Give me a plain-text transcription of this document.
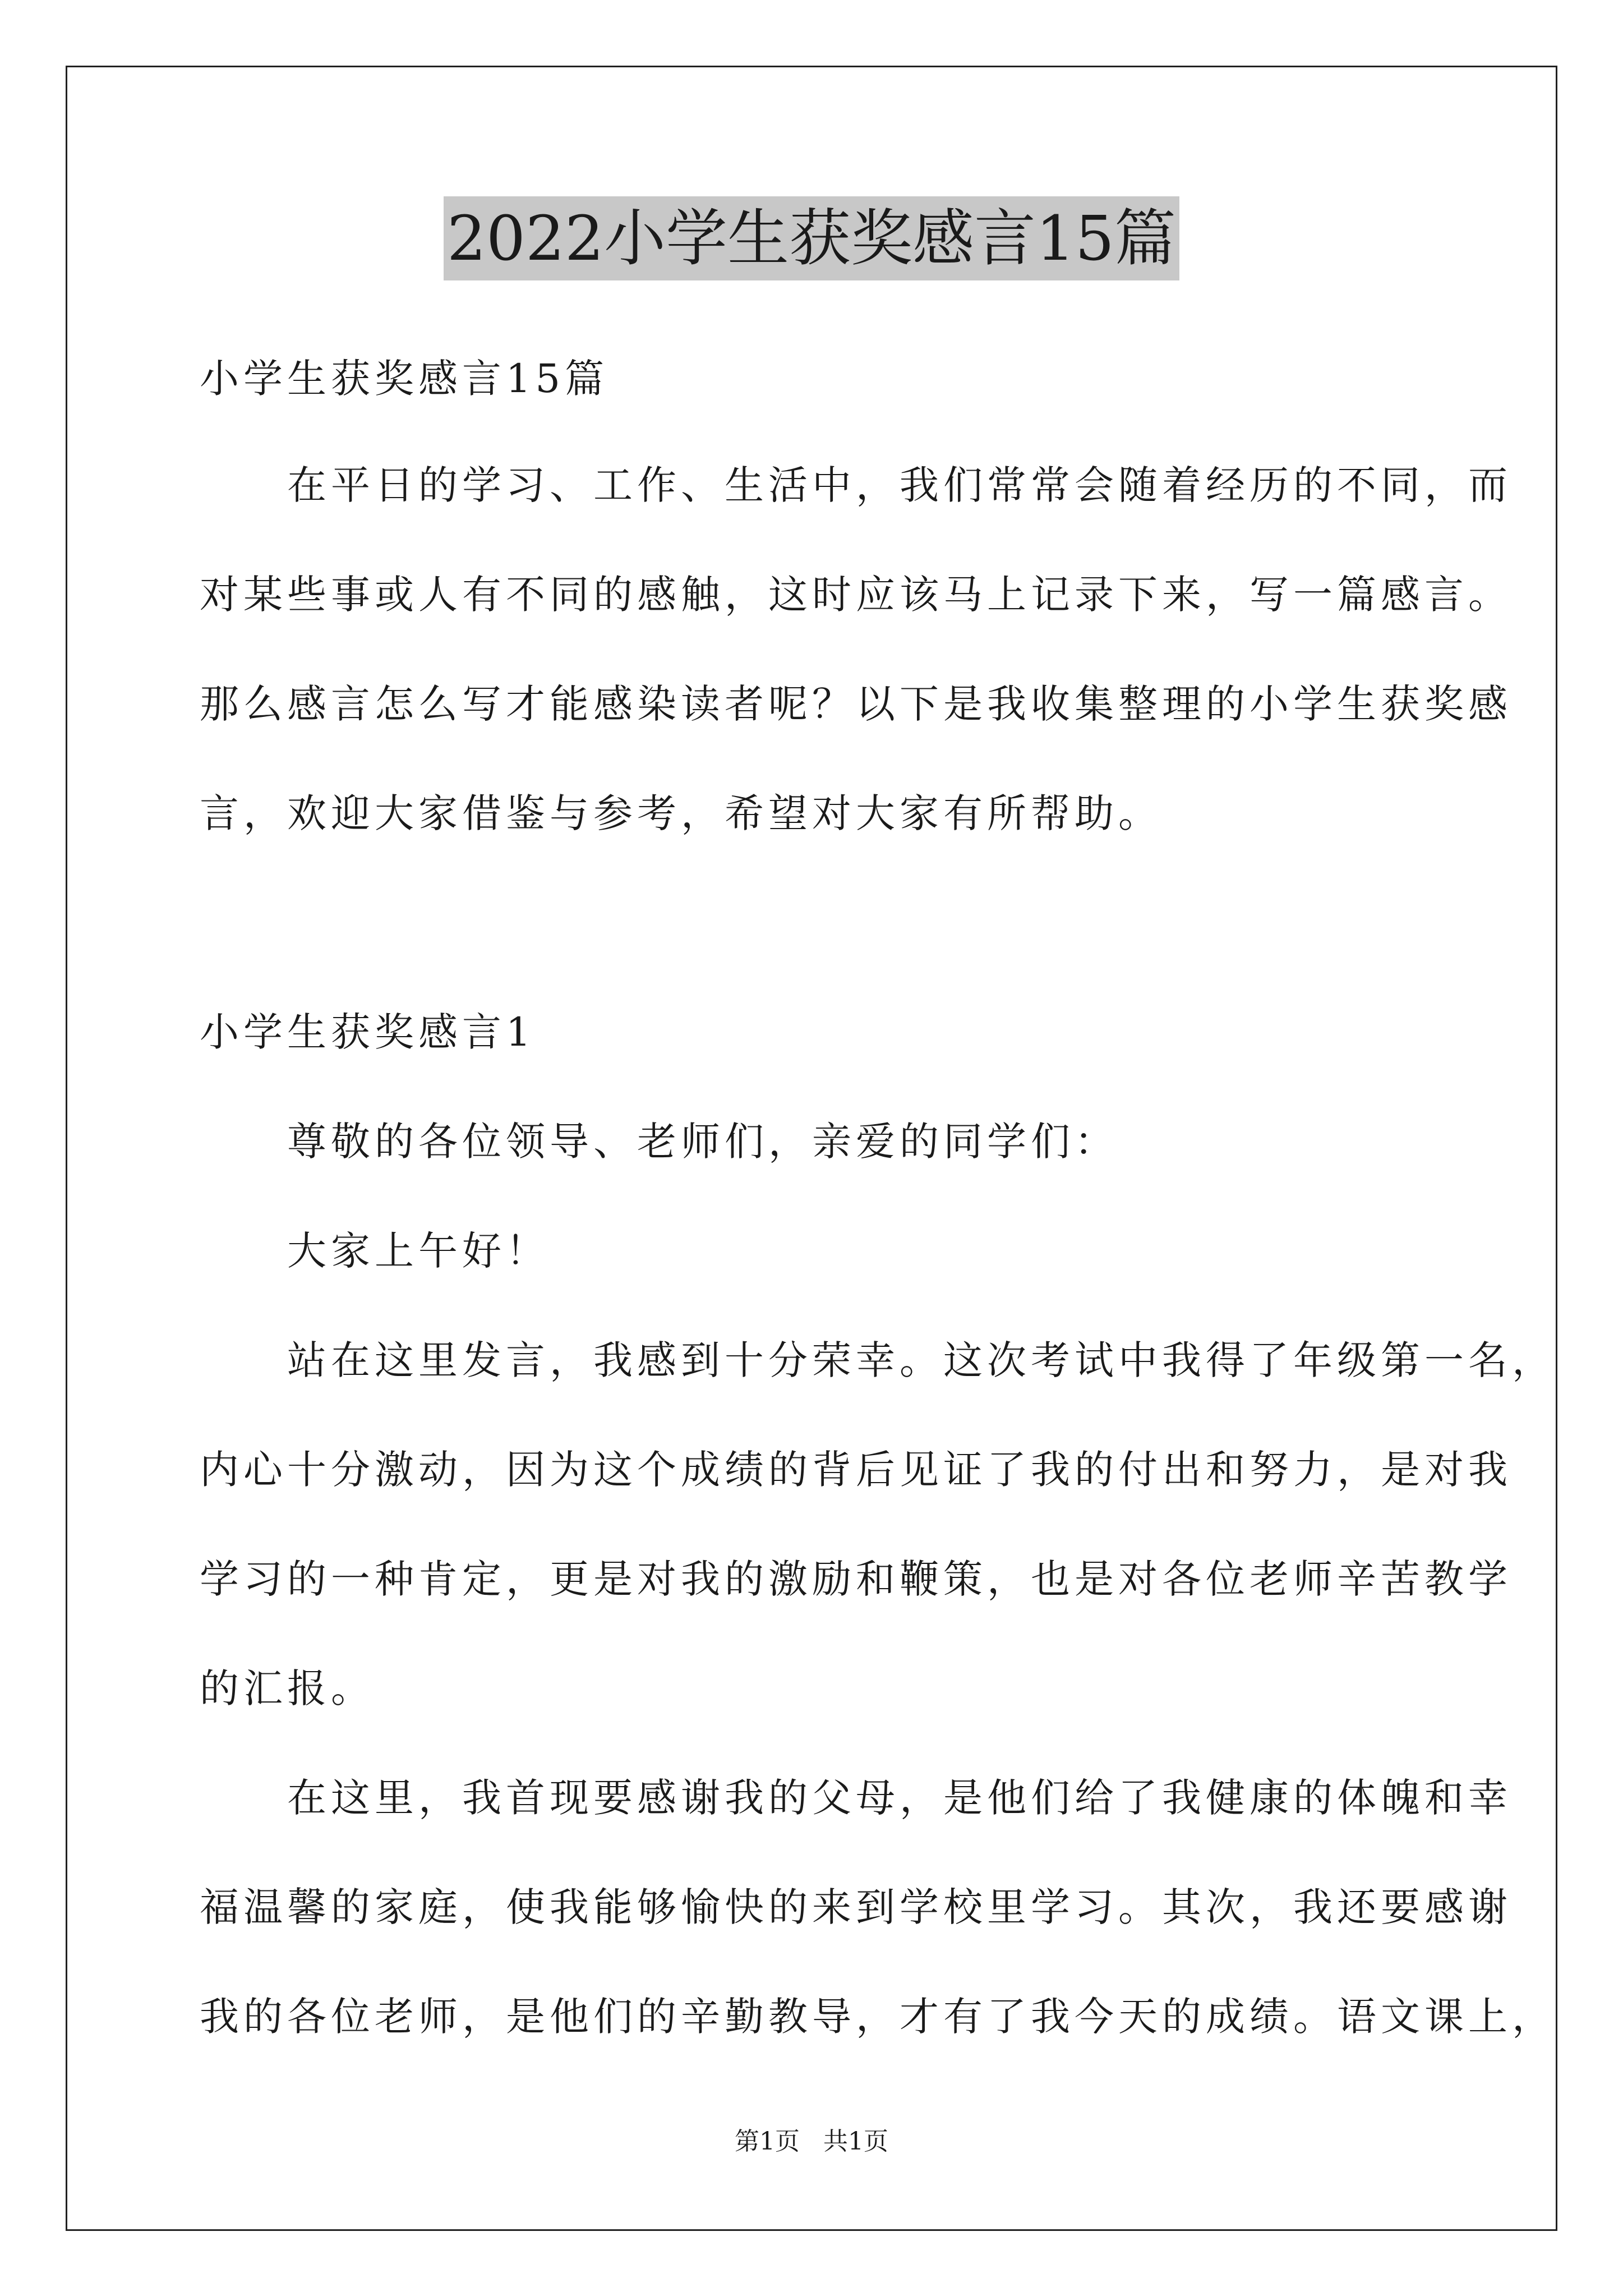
2022小学生获奖感言15篇
小学生获奖感言15篇
　　在平日的学习、工作、生活中，我们常常会随着经历的不同，而
对某些事或人有不同的感触，这时应该马上记录下来，写一篇感言。
那么感言怎么写才能感染读者呢？以下是我收集整理的小学生获奖感
言，欢迎大家借鉴与参考，希望对大家有所帮助。
小学生获奖感言1
　　尊敬的各位领导、老师们，亲爱的同学们：
　　大家上午好！
　　站在这里发言，我感到十分荣幸。这次考试中我得了年级第一名，
内心十分激动，因为这个成绩的背后见证了我的付出和努力，是对我
学习的一种肯定，更是对我的激励和鞭策，也是对各位老师辛苦教学
的汇报。
　　在这里，我首现要感谢我的父母，是他们给了我健康的体魄和幸
福温馨的家庭，使我能够愉快的来到学校里学习。其次，我还要感谢
我的各位老师，是他们的辛勤教导，才有了我今天的成绩。语文课上，
第1页 共1页
